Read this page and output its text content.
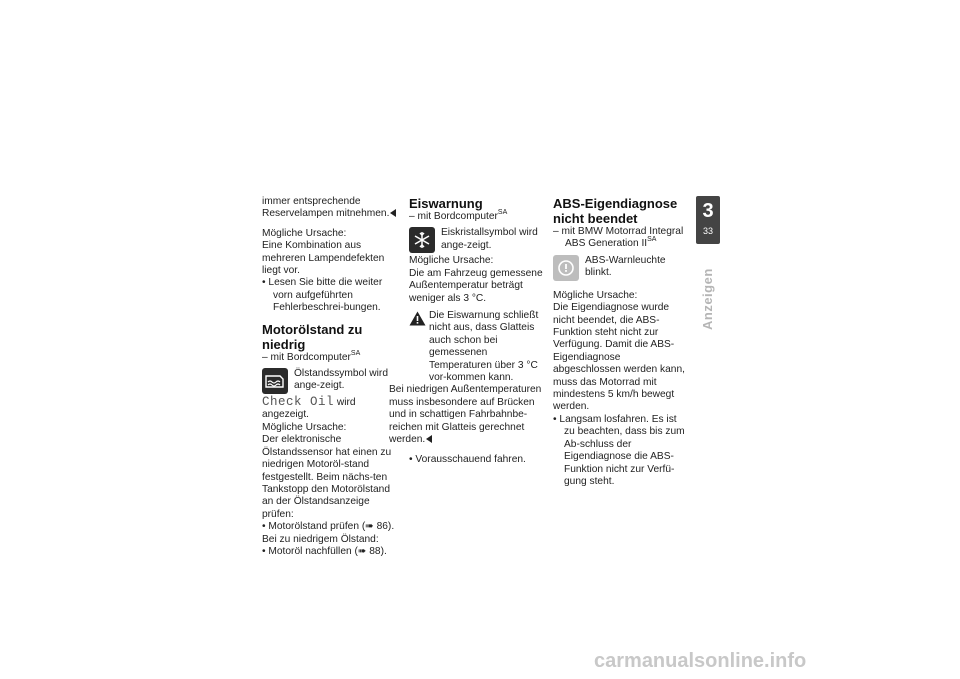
immer entsprechende Reservelampen mitnehmen.

Mögliche Ursache:

Eine Kombination aus mehreren Lampendefekten liegt vor.

• Lesen Sie bitte die weiter vorn aufgeführten Fehlerbeschrei-bungen.

Motorölstand zu niedrig

– mit Bordcomputer$^{SA}$

Ölstandssymbol wird ange-zeigt.

Check Oil wird angezeigt.

Mögliche Ursache:

Der elektronische Ölstandssensor hat einen zu niedrigen Motoröl-stand festgestellt. Beim nächs-ten Tankstopp den Motorölstand an der Ölstandsanzeige prüfen:

• Motorölstand prüfen (➠ 86).

Bei zu niedrigem Ölstand:

• Motoröl nachfüllen (➠ 88).

Eiswarnung

– mit Bordcomputer$^{SA}$

Eiskristallsymbol wird ange-zeigt.

Mögliche Ursache:

Die am Fahrzeug gemessene Außentemperatur beträgt weniger als 3 °C.

Die Eiswarnung schließt nicht aus, dass Glatteis auch schon bei gemessenen Temperaturen über 3 °C vor-kommen kann.

Bei niedrigen Außentemperaturen muss insbesondere auf Brücken und in schattigen Fahrbahnbe-reichen mit Glatteis gerechnet werden.

• Vorausschauend fahren.

ABS-Eigendiagnose nicht beendet

– mit BMW Motorrad Integral ABS Generation $II^{SA}$

ABS-Warnleuchte blinkt.

Mögliche Ursache:

Die Eigendiagnose wurde nicht beendet, die ABS-Funktion steht nicht zur Verfügung. Damit die ABS-Eigendiagnose abgeschlossen werden kann, muss das Motorrad mit mindestens 5 km/h bewegt werden.

• Langsam losfahren. Es ist zu beachten, dass bis zum Ab-schluss der Eigendiagnose die ABS-Funktion nicht zur Verfü-gung steht.

3
33
Anzeigen
carmanualsonline.info
